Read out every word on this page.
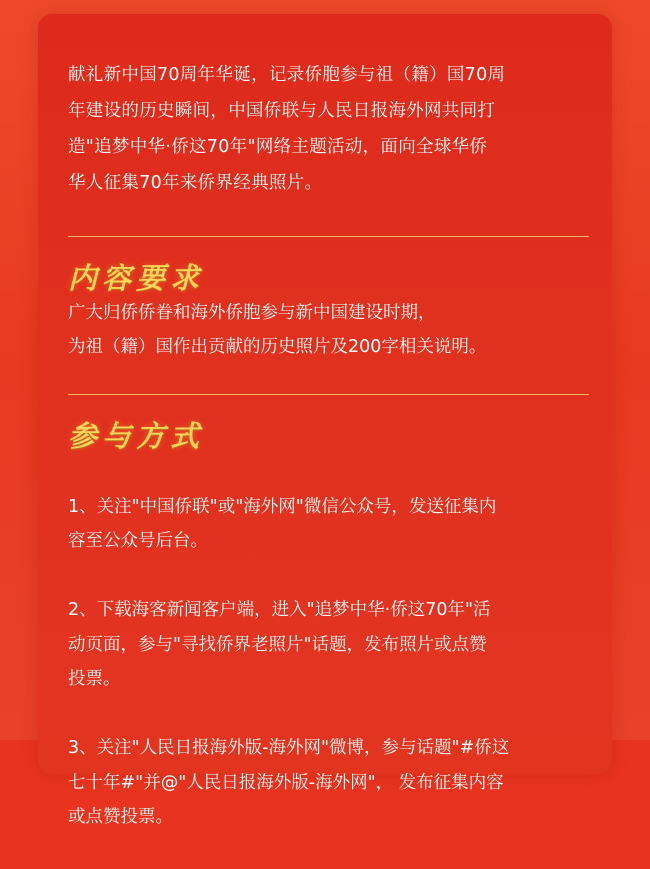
献礼新中国70周年华诞，记录侨胞参与祖（籍）国70周
年建设的历史瞬间，中国侨联与人民日报海外网共同打
造"追梦中华·侨这70年"网络主题活动，面向全球华侨
华人征集70年来侨界经典照片。
内容要求
广大归侨侨眷和海外侨胞参与新中国建设时期，
为祖（籍）国作出贡献的历史照片及200字相关说明。
参与方式

1、关注"中国侨联"或"海外网"微信公众号，发送征集内
容至公众号后台。

2、下载海客新闻客户端，进入"追梦中华·侨这70年"活
动页面，参与"寻找侨界老照片"话题，发布照片或点赞
投票。

3、关注"人民日报海外版-海外网"微博，参与话题"#侨这
七十年#"并@"人民日报海外版-海外网"， 发布征集内容
或点赞投票。
